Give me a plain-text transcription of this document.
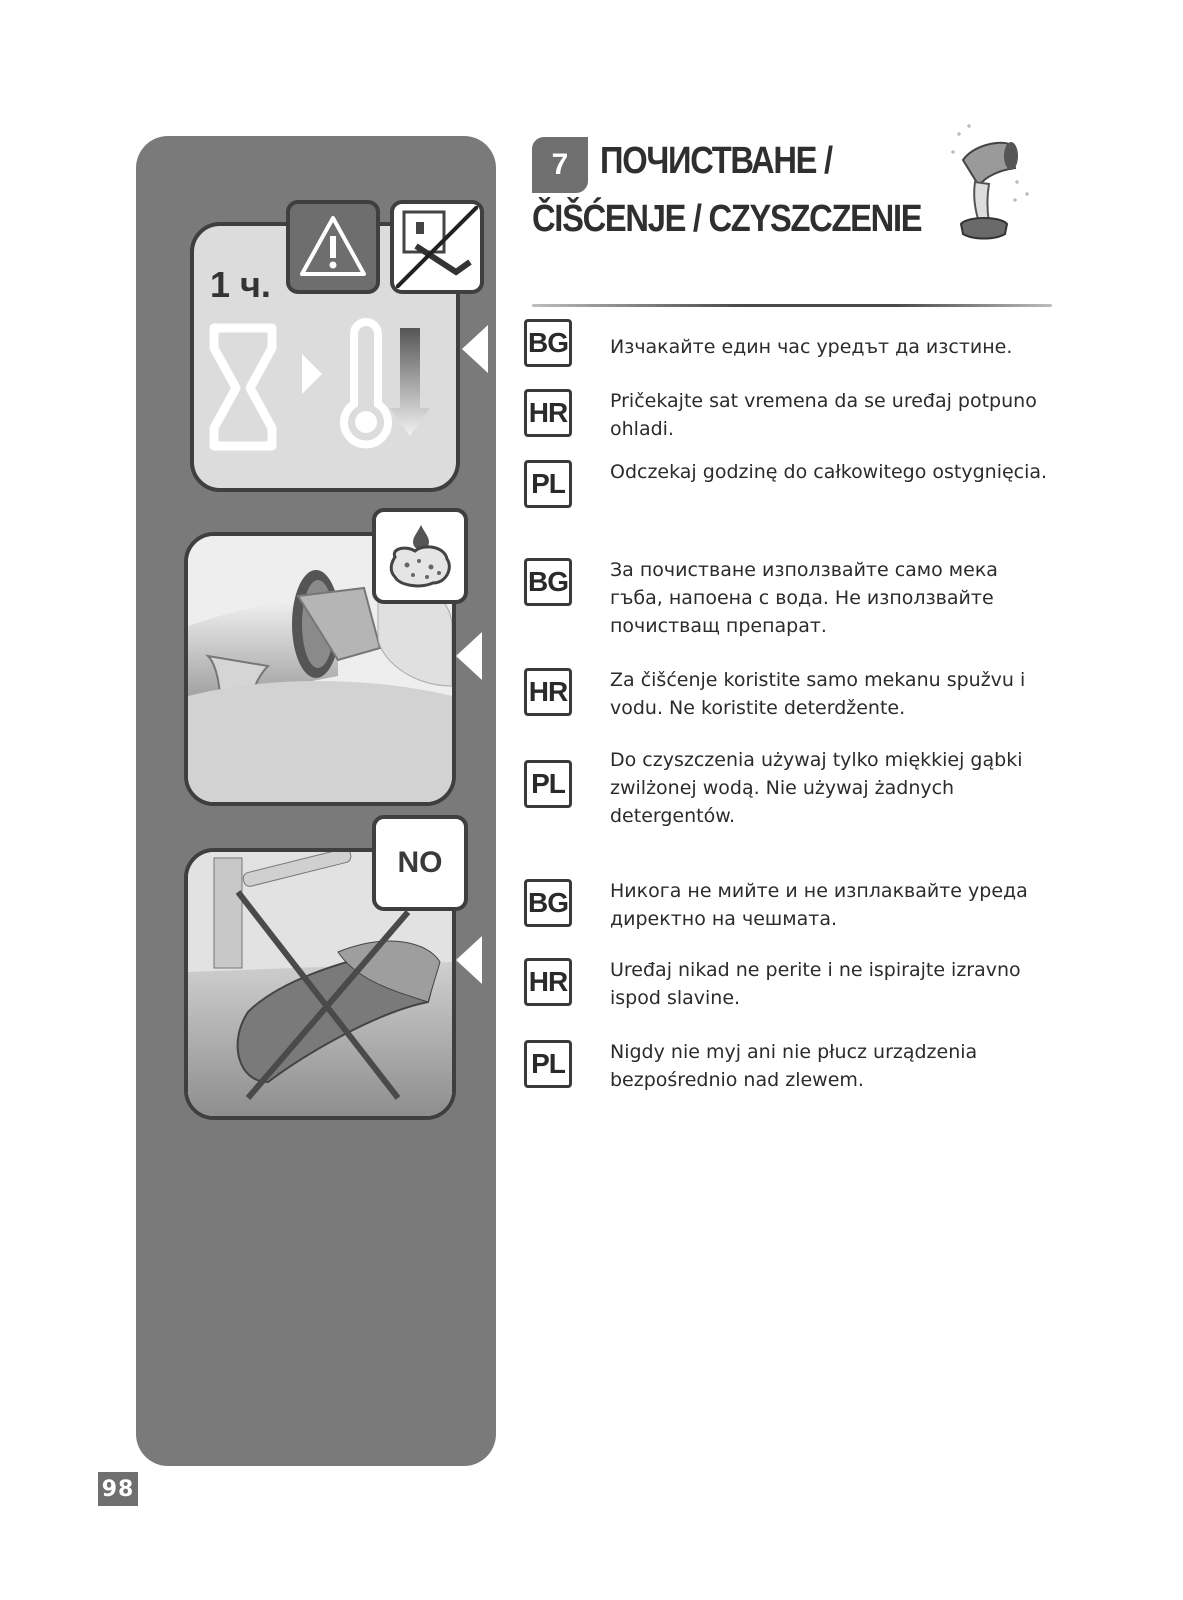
1 ч.
NO
7 ПОЧИСТВАНЕ /
ČIŠĆENJE / CZYSZCZENIE
BG Изчакайте един час уредът да изстине.
HR Pričekajte sat vremena da se uređaj potpuno ohladi.
PL	Odczekaj godzinę do całkowitego ostygnięcia.
BG За почистване използвайте само мека гъба, напоена с вода. Не използвайте почистващ препарат.
HR Za čišćenje koristite samo mekanu spužvu i vodu. Ne koristite deterdžente.
PL
Do czyszczenia używaj tylko miękkiej gąbki zwilżonej wodą. Nie używaj żadnych detergentów.
BG Никога не мийте и не изплаквайте уреда директно на чешмата.
HR Uređaj nikad ne perite i ne ispirajte izravno ispod slavine.
PL	Nigdy nie myj ani nie płucz urządzenia bezpośrednio nad zlewem.
98
